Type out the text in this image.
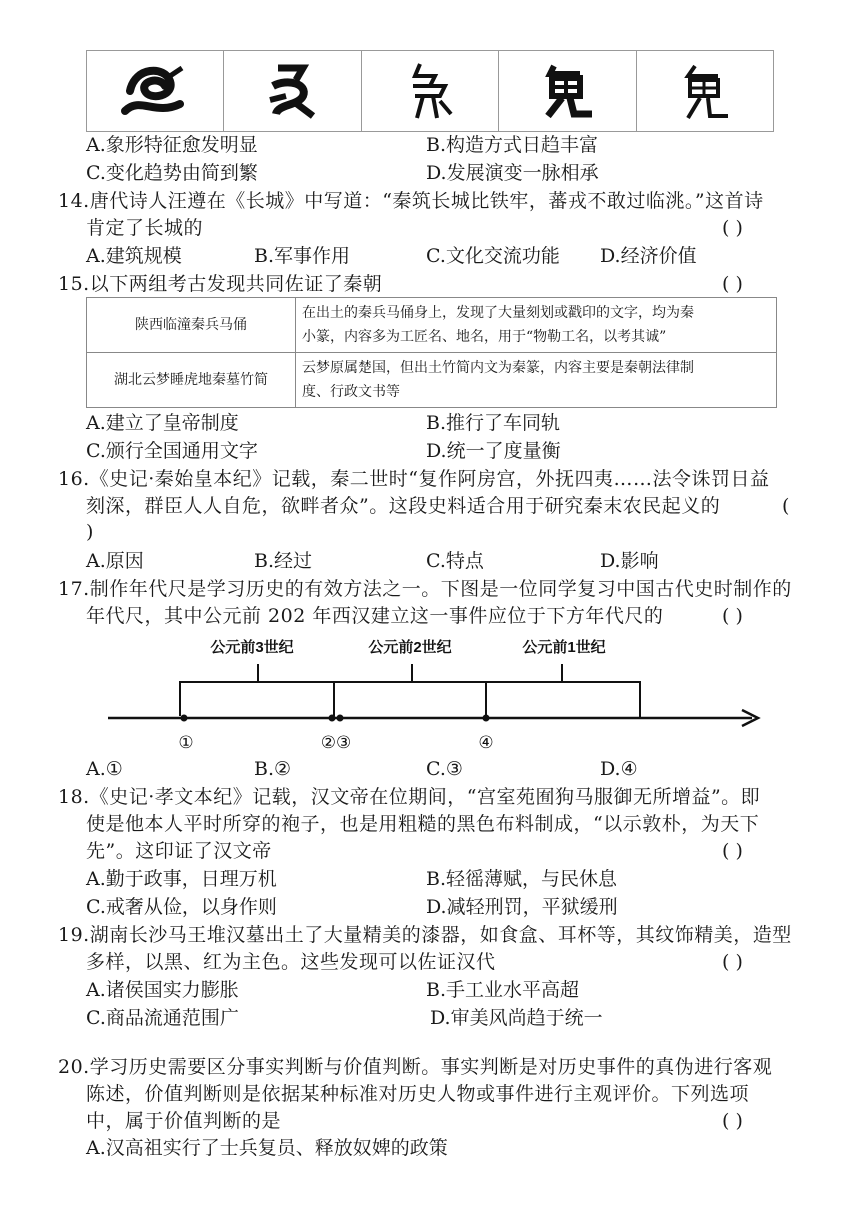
A.象形特征愈发明显	B.构造方式日趋丰富
C.变化趋势由简到繁	D.发展演变一脉相承
14.唐代诗人汪遵在《长城》中写道：“秦筑长城比铁牢，蕃戎不敢过临洮。”这首诗
肯定了长城的	( )
A.建筑规模	B.军事作用	C.文化交流功能 D.经济价值
15.以下两组考古发现共同佐证了秦朝	( )
陕西临潼秦兵马俑	在出土的秦兵马俑身上，发现了大量刻划或戳印的文字，均为秦
小篆，内容多为工匠名、地名，用于“物勒工名，以考其诚”

湖北云梦睡虎地秦墓竹简	云梦原属楚国，但出土竹简内文为秦篆，内容主要是秦朝法律制
度、行政文书等
A.建立了皇帝制度	B.推行了车同轨
C.颁行全国通用文字	D.统一了度量衡
16.《史记·秦始皇本纪》记载，秦二世时“复作阿房宫，外抚四夷……法令诛罚日益
刻深，群臣人人自危，欲畔者众”。这段史料适合用于研究秦末农民起义的	(
)
A.原因	B.经过	C.特点	D.影响
17.制作年代尺是学习历史的有效方法之一。下图是一位同学复习中国古代史时制作的
年代尺，其中公元前 202 年西汉建立这一事件应位于下方年代尺的	( )
公元前3世纪	公元前2世纪	公元前1世纪
①	②③	④
A.①	B.②	C.③	D.④
18.《史记·孝文本纪》记载，汉文帝在位期间，“宫室苑囿狗马服御无所增益”。即
使是他本人平时所穿的袍子，也是用粗糙的黑色布料制成，“以示敦朴，为天下
先”。这印证了汉文帝	( )
A.勤于政事，日理万机	B.轻徭薄赋，与民休息
C.戒奢从俭，以身作则	D.减轻刑罚，平狱缓刑
19.湖南长沙马王堆汉墓出土了大量精美的漆器，如食盒、耳杯等，其纹饰精美，造型
多样，以黑、红为主色。这些发现可以佐证汉代	( )
A.诸侯国实力膨胀	B.手工业水平高超
C.商品流通范围广	D.审美风尚趋于统一
20.学习历史需要区分事实判断与价值判断。事实判断是对历史事件的真伪进行客观
陈述，价值判断则是依据某种标准对历史人物或事件进行主观评价。下列选项
中，属于价值判断的是	( )
A.汉高祖实行了士兵复员、释放奴婢的政策
